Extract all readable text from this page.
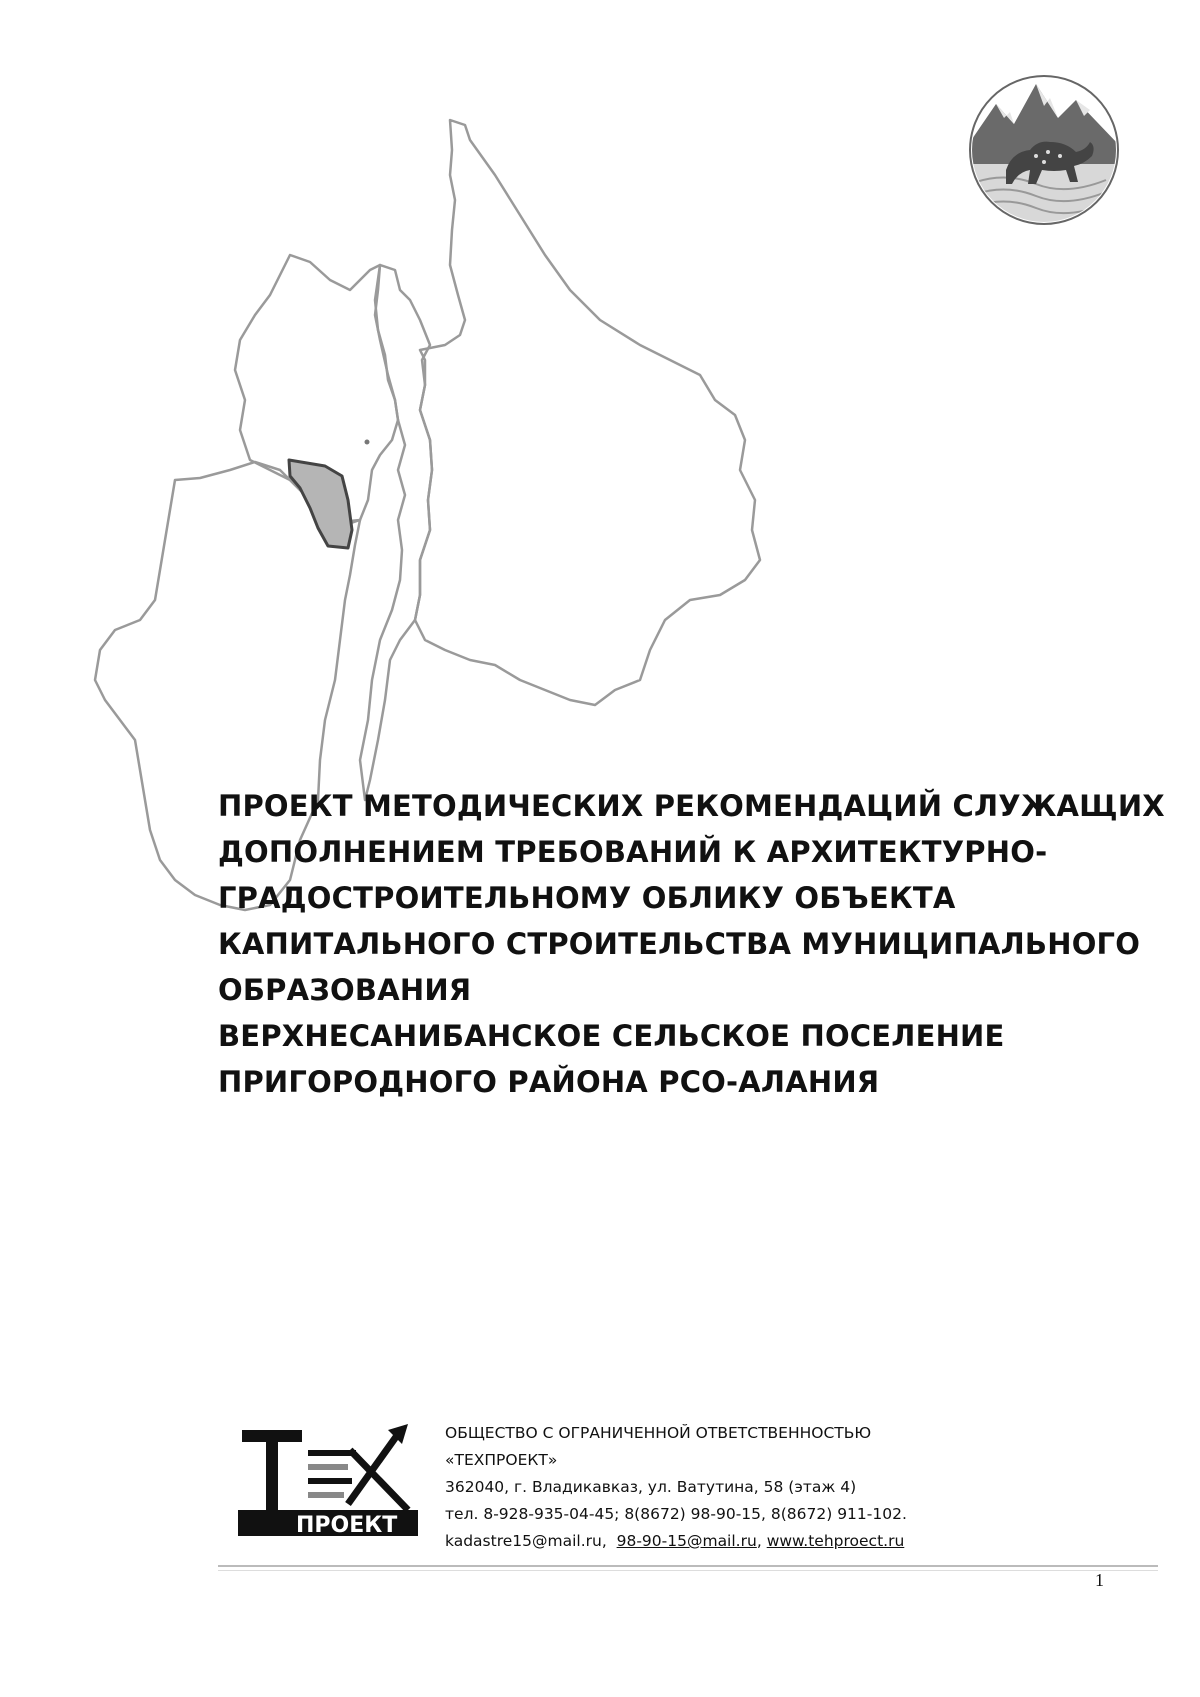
ПРОЕКТ МЕТОДИЧЕСКИХ РЕКОМЕНДАЦИЙ СЛУЖАЩИХ
ДОПОЛНЕНИЕМ ТРЕБОВАНИЙ К АРХИТЕКТУРНО-
ГРАДОСТРОИТЕЛЬНОМУ ОБЛИКУ ОБЪЕКТА
КАПИТАЛЬНОГО СТРОИТЕЛЬСТВА МУНИЦИПАЛЬНОГО
ОБРАЗОВАНИЯ
ВЕРХНЕСАНИБАНСКОЕ СЕЛЬСКОЕ ПОСЕЛЕНИЕ
ПРИГОРОДНОГО РАЙОНА РСО-АЛАНИЯ
ПРОЕКТ
ОБЩЕСТВО С ОГРАНИЧЕННОЙ ОТВЕТСТВЕННОСТЬЮ
«ТЕХПРОЕКТ»
362040, г. Владикавказ, ул. Ватутина, 58 (этаж 4)
тел. 8-928-935-04-45; 8(8672) 98-90-15, 8(8672) 911-102.
kadastre15@mail.ru, 98-90-15@mail.ru, www.tehproect.ru
1
